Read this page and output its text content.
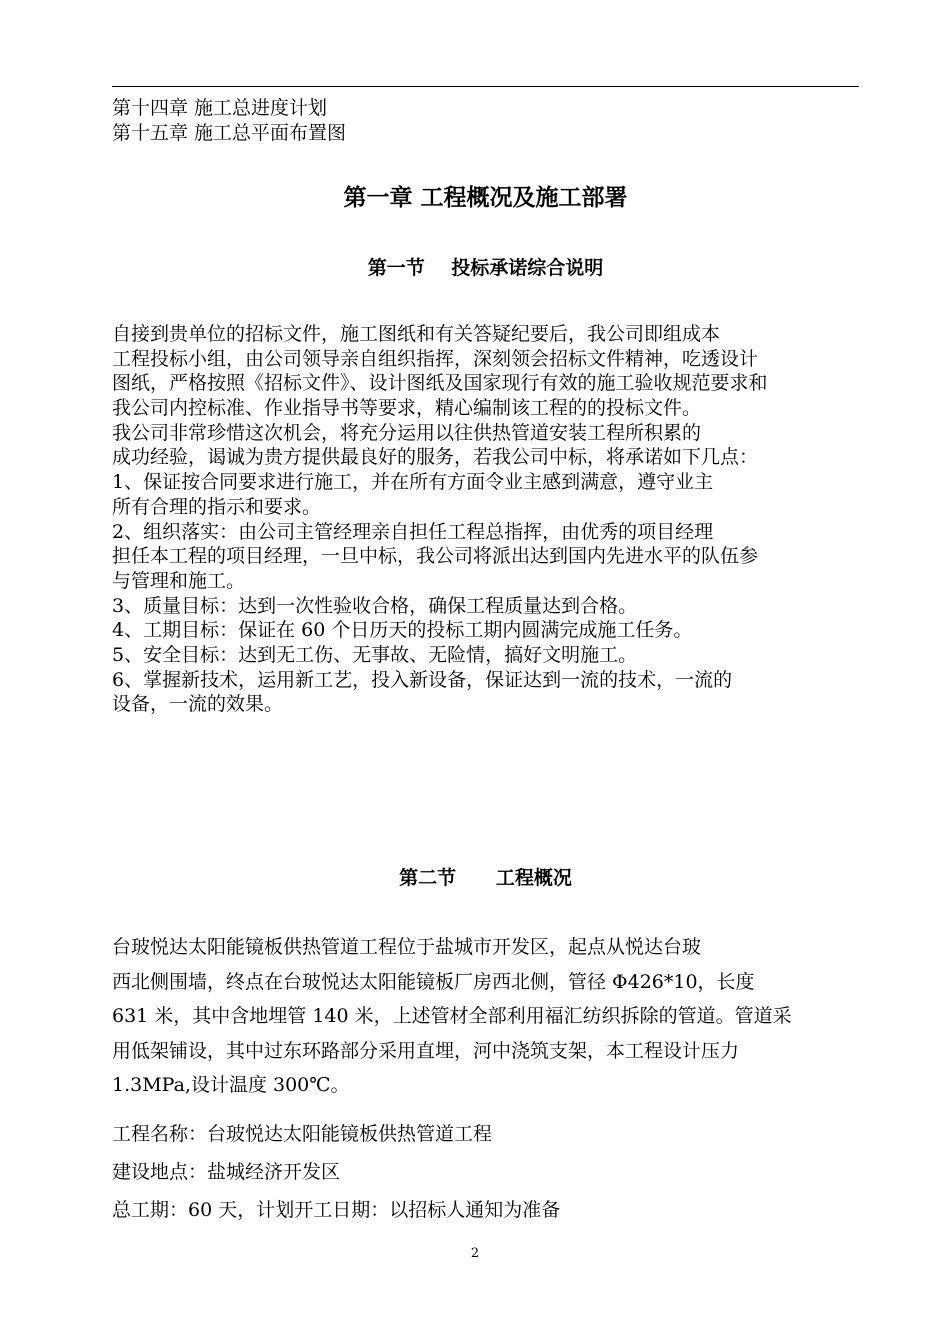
第十四章 施工总进度计划
第十五章 施工总平面布置图
第一章 工程概况及施工部署
第一节    投标承诺综合说明
自接到贵单位的招标文件，施工图纸和有关答疑纪要后，我公司即组成本
工程投标小组，由公司领导亲自组织指挥，深刻领会招标文件精神，吃透设计
图纸，严格按照《招标文件》、设计图纸及国家现行有效的施工验收规范要求和
我公司内控标准、作业指导书等要求，精心编制该工程的的投标文件。
我公司非常珍惜这次机会，将充分运用以往供热管道安装工程所积累的
成功经验，谒诚为贵方提供最良好的服务，若我公司中标，将承诺如下几点：
1、保证按合同要求进行施工，并在所有方面令业主感到满意，遵守业主
所有合理的指示和要求。
2、组织落实：由公司主管经理亲自担任工程总指挥，由优秀的项目经理
担任本工程的项目经理，一旦中标，我公司将派出达到国内先进水平的队伍参
与管理和施工。
3、质量目标：达到一次性验收合格，确保工程质量达到合格。
4、工期目标：保证在 60 个日历天的投标工期内圆满完成施工任务。
5、安全目标：达到无工伤、无事故、无险情，搞好文明施工。
6、掌握新技术，运用新工艺，投入新设备，保证达到一流的技术，一流的
设备，一流的效果。
第二节      工程概况
台玻悦达太阳能镜板供热管道工程位于盐城市开发区，起点从悦达台玻
西北侧围墙，终点在台玻悦达太阳能镜板厂房西北侧，管径 Φ426*10，长度
631 米，其中含地埋管 140 米，上述管材全部利用福汇纺织拆除的管道。管道采
用低架铺设，其中过东环路部分采用直埋，河中浇筑支架，本工程设计压力
1.3MPa,设计温度 300℃。
工程名称：台玻悦达太阳能镜板供热管道工程
建设地点：盐城经济开发区
总工期：60 天，计划开工日期：以招标人通知为准备
2
